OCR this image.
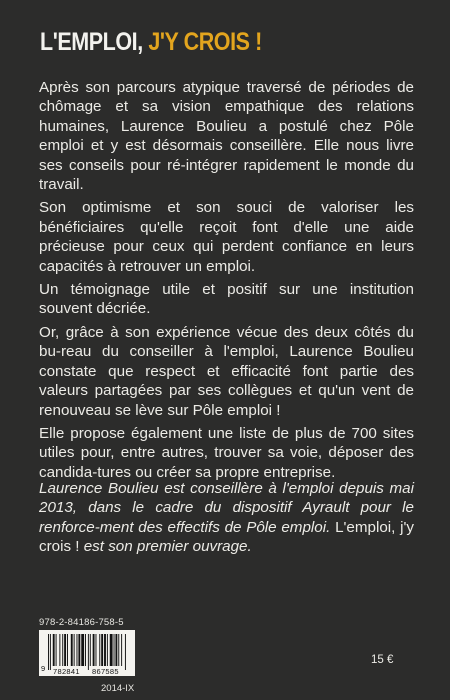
L'EMPLOI, J'Y CROIS !

Après son parcours atypique traversé de périodes de chômage et sa vision empathique des relations humaines, Laurence Boulieu a postulé chez Pôle emploi et y est désormais conseillère. Elle nous livre ses conseils pour ré-intégrer rapidement le monde du travail.

Son optimisme et son souci de valoriser les bénéficiaires qu'elle reçoit font d'elle une aide précieuse pour ceux qui perdent confiance en leurs capacités à retrouver un emploi.

Un témoignage utile et positif sur une institution souvent décriée.

Or, grâce à son expérience vécue des deux côtés du bu-reau du conseiller à l'emploi, Laurence Boulieu constate que respect et efficacité font partie des valeurs partagées par ses collègues et qu'un vent de renouveau se lève sur Pôle emploi !

Elle propose également une liste de plus de 700 sites utiles pour, entre autres, trouver sa voie, déposer des candida-tures ou créer sa propre entreprise.

Laurence Boulieu est conseillère à l'emploi depuis mai 2013, dans le cadre du dispositif Ayrault pour le renforce-ment des effectifs de Pôle emploi. L'emploi, j'y crois ! est son premier ouvrage.
978-2-84186-758-5
9 782841 867585
2014-IX
15 €
